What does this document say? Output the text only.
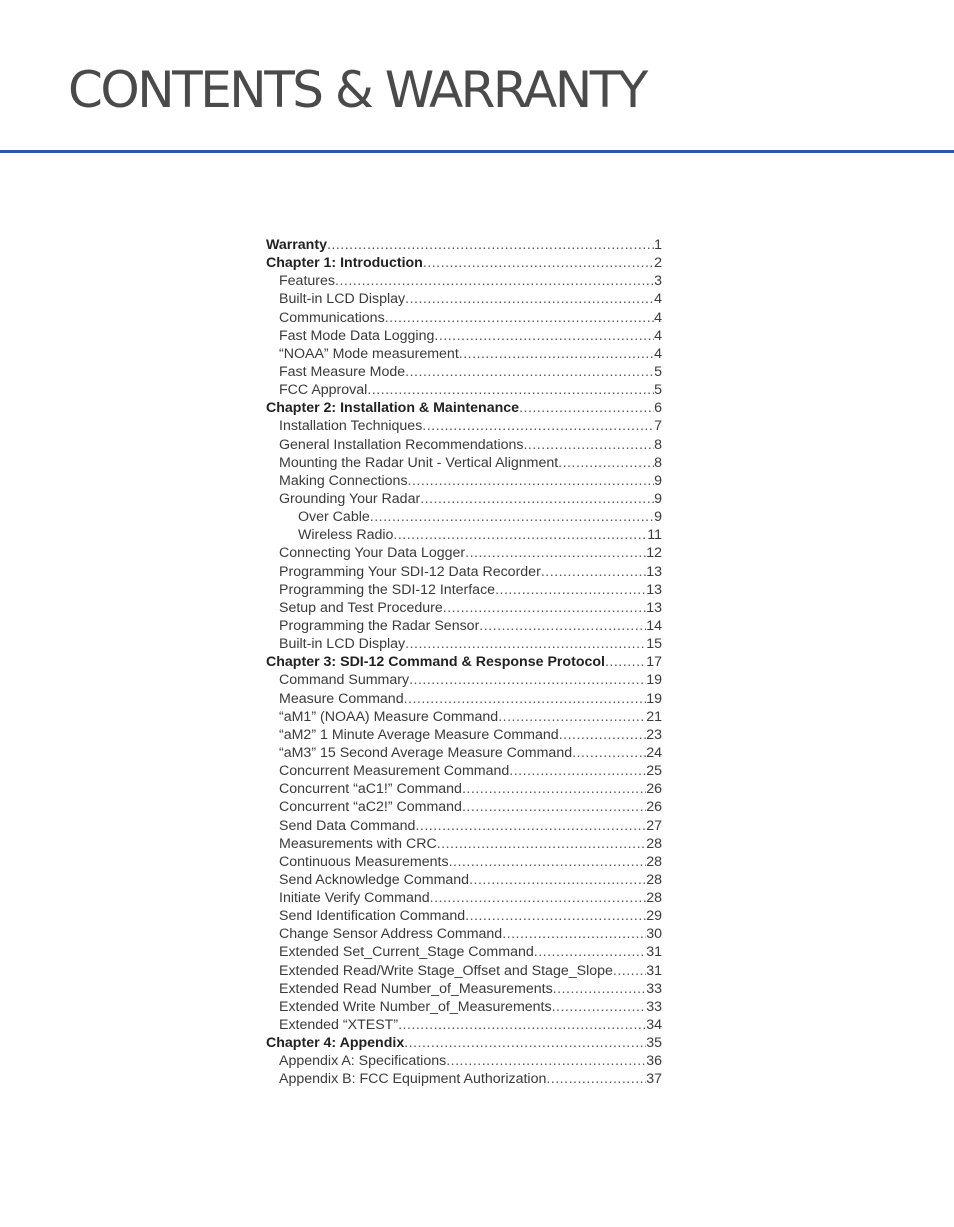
CONTENTS & WARRANTY
Warranty .....	1
Chapter 1: Introduction .....	2
Features .....	3
Built-in LCD Display .....	4
Communications .....	4
Fast Mode Data Logging .....	4
“NOAA” Mode measurement .....	4
Fast Measure Mode .....	5
FCC Approval .....	5
Chapter 2: Installation & Maintenance .....	6
Installation Techniques .....	7
General Installation Recommendations .....	8
Mounting the Radar Unit - Vertical Alignment .....	8
Making Connections .....	9
Grounding Your Radar .....	9
Over Cable .....	9
Wireless Radio .....	11
Connecting Your Data Logger .....	12
Programming Your SDI-12 Data Recorder .....	13
Programming the SDI-12 Interface .....	13
Setup and Test Procedure .....	13
Programming the Radar Sensor .....	14
Built-in LCD Display .....	15
Chapter 3: SDI-12 Command & Response Protocol .....	17
Command Summary .....	19
Measure Command .....	19
“aM1” (NOAA) Measure Command .....	21
“aM2” 1 Minute Average Measure Command .....	23
“aM3” 15 Second Average Measure Command .....	24
Concurrent Measurement Command .....	25
Concurrent “aC1!” Command .....	26
Concurrent “aC2!” Command .....	26
Send Data Command .....	27
Measurements with CRC .....	28
Continuous Measurements .....	28
Send Acknowledge Command .....	28
Initiate Verify Command .....	28
Send Identification Command .....	29
Change Sensor Address Command .....	30
Extended Set_Current_Stage Command .....	31
Extended Read/Write Stage_Offset and Stage_Slope ..... 31
Extended Read Number_of_Measurements .....	33
Extended Write Number_of_Measurements .....	33
Extended “XTEST” .....	34
Chapter 4: Appendix .....	35
Appendix A: Specifications .....	36
Appendix B: FCC Equipment Authorization .....	37
